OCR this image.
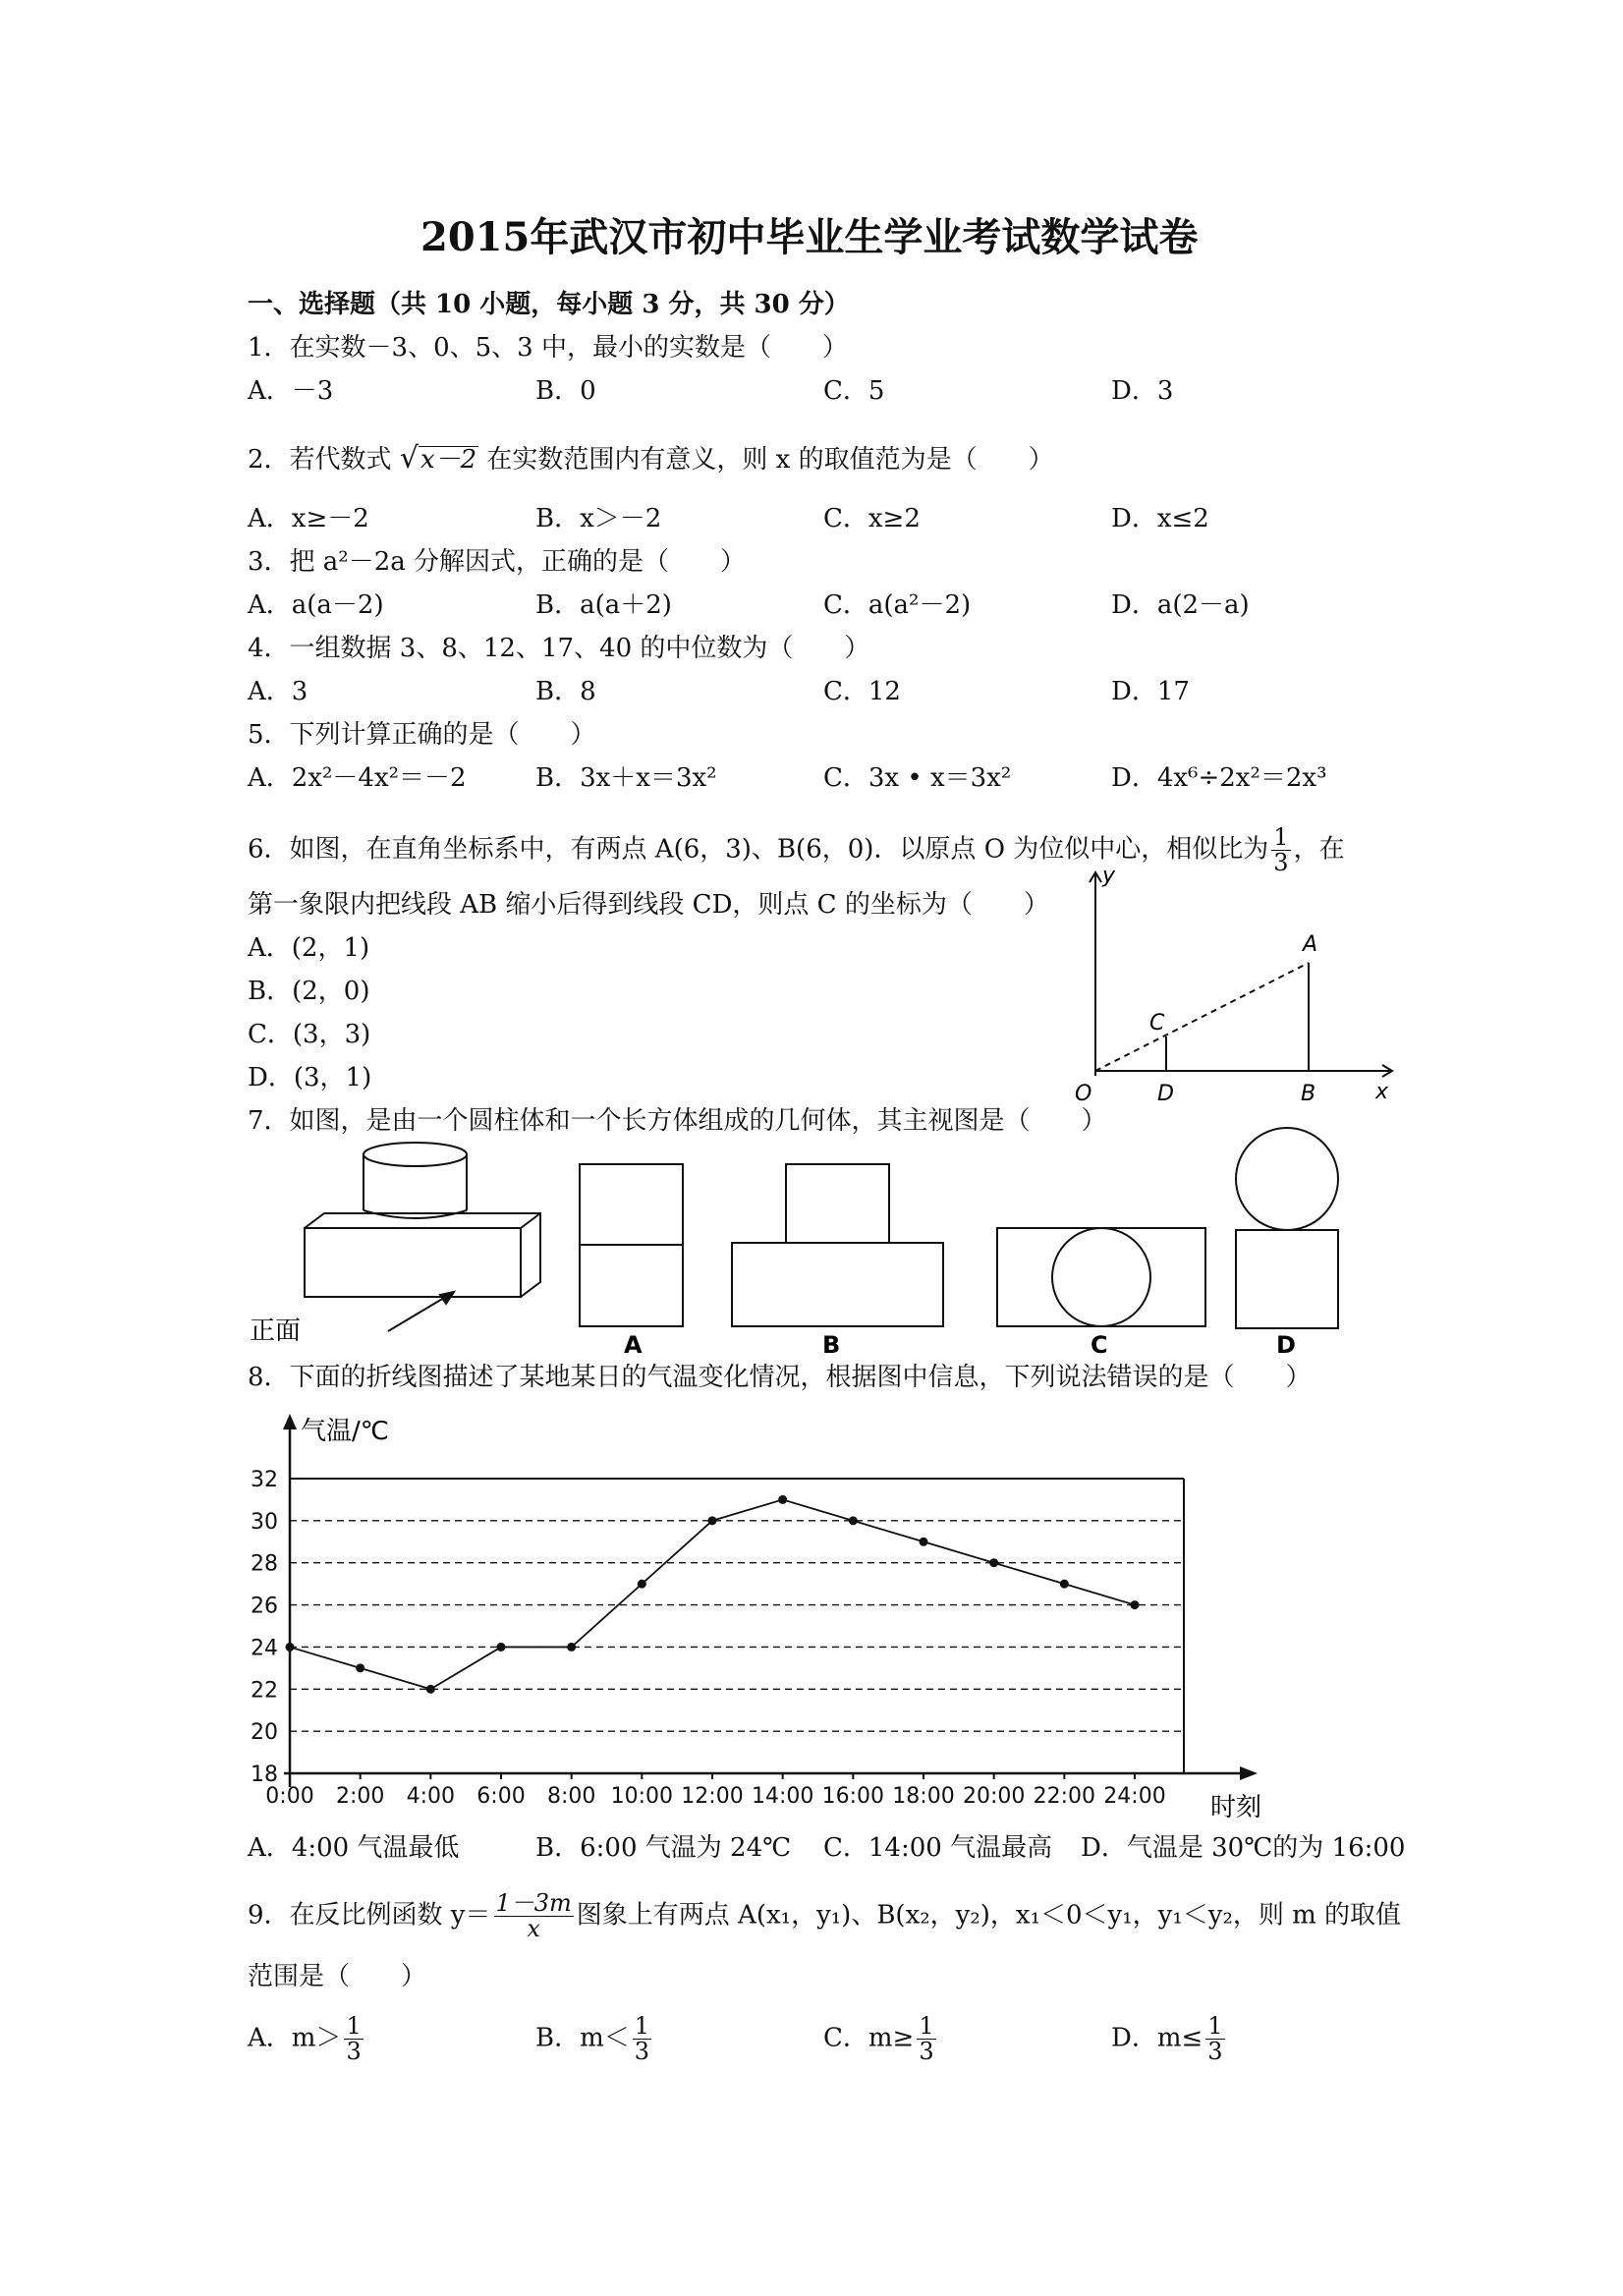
2015年武汉市初中毕业生学业考试数学试卷
一、选择题（共 10 小题，每小题 3 分，共 30 分）
1．在实数－3、0、5、3 中，最小的实数是（　　）
A．－3	B．0	C．5	D．3
2．若代数式 √x－2 在实数范围内有意义，则 x 的取值范为是（　　）
A．x≥－2	B．x＞－2	C．x≥2	D．x≤2
3．把 a²－2a 分解因式，正确的是（　　）
A．a(a－2)	B．a(a＋2)	C．a(a²－2)	D．a(2－a)
4．一组数据 3、8、12、17、40 的中位数为（　　）
A．3	B．8	C．12	D．17
5．下列计算正确的是（　　）
A．2x²－4x²＝－2	B．3x＋x＝3x²	C．3x • x＝3x²	D．4x⁶÷2x²＝2x³
6．如图，在直角坐标系中，有两点 A(6，3)、B(6，0)．以原点 O 为位似中心，相似比为 $\frac{1}{3}$ ，在
第一象限内把线段 AB 缩小后得到线段 CD，则点 C 的坐标为（　　）
A．(2，1)
B．(2，0)
C．(3，3)
D．(3，1)
y
x
O
A
B
C
D
7．如图，是由一个圆柱体和一个长方体组成的几何体，其主视图是（　　）
正面	A	B	C	D
8．下面的折线图描述了某地某日的气温变化情况，根据图中信息，下列说法错误的是（　　）
气温/℃
时刻
18
20
22
24
26
28
30
32
0:00 2:00 4:00 6:00 8:00 10:00 12:00 14:00 16:00 18:00 20:00 22:00 24:00
A．4:00 气温最低	B．6:00 气温为 24℃ C．14:00 气温最高 D．气温是 30℃的为 16:00
9．在反比例函数 $y= \frac{1-3m}{x}$ 图象上有两点 A(x₁，y₁)、B(x₂，y₂)，x₁＜0＜y₁，y₁＜y₂，则 m 的取值
范围是（　　）
A．$m> \frac{1}{3}$	B．$m< \frac{1}{3}$	C．$m\ge \frac{1}{3}$	D．$m\le \frac{1}{3}$
